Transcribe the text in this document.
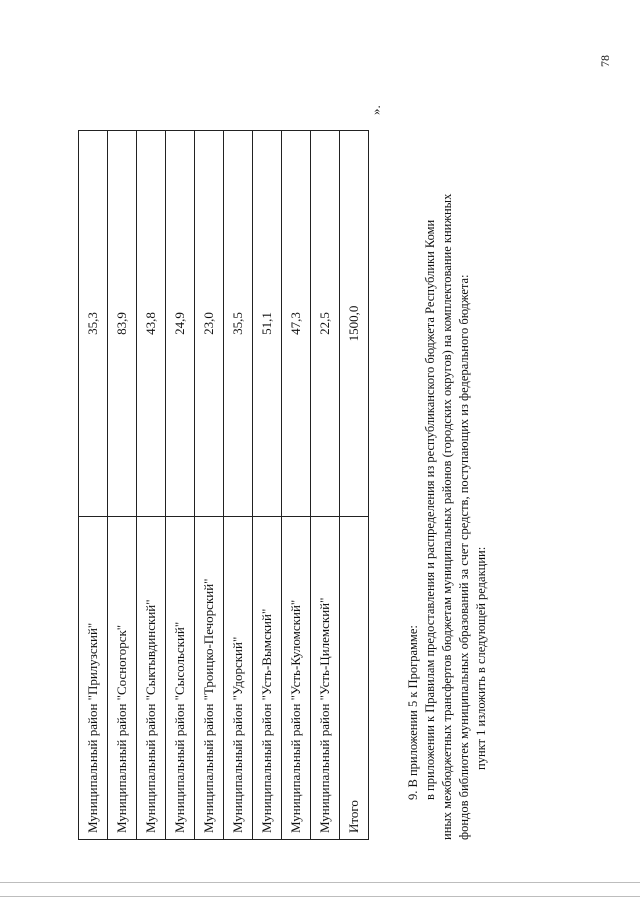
Муниципальный район "Прилузский"	35,3
Муниципальный район "Сосногорск"	83,9
Муниципальный район "Сыктывдинский"	43,8
Муниципальный район "Сысольский"	24,9
Муниципальный район "Троицко-Печорский"	23,0
Муниципальный район "Удорский"	35,5
Муниципальный район "Усть-Вымский"	51,1
Муниципальный район "Усть-Куломский"	47,3
Муниципальный район "Усть-Цилемский"	22,5
Итого	1500,0
».

9. В приложении 5 к Программе: в приложении к Правилам предоставления и распределения из республиканского бюджета Республики Коми иных межбюджетных трансфертов бюджетам муниципальных районов (городских округов) на комплектование книжных фондов библиотек муниципальных образований за счет средств, поступающих из федерального бюджета: пункт 1 изложить в следующей редакции:

78
